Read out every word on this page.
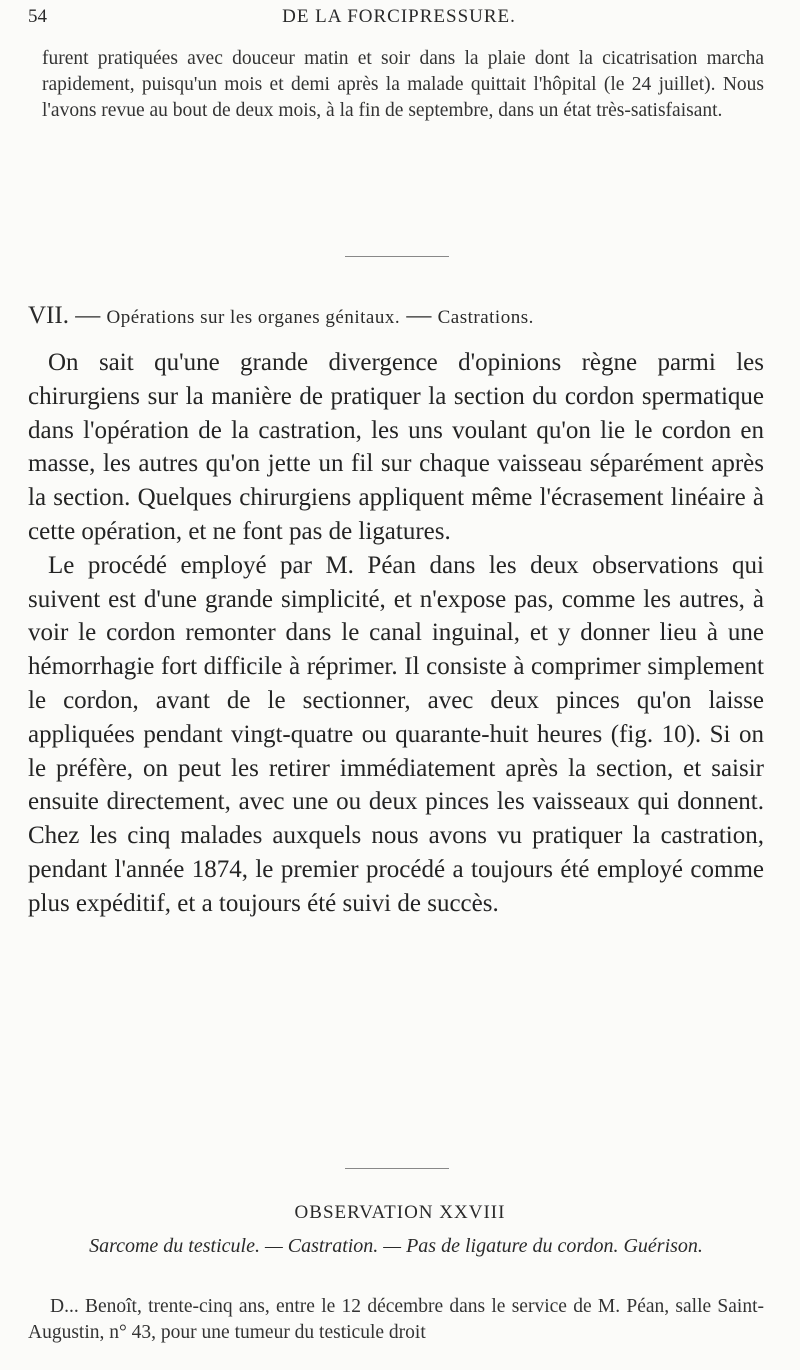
54	DE LA FORCIPRESSURE.
furent pratiquées avec douceur matin et soir dans la plaie dont la cicatrisation marcha rapidement, puisqu'un mois et demi après la malade quittait l'hôpital (le 24 juillet). Nous l'avons revue au bout de deux mois, à la fin de septembre, dans un état très-satisfaisant.
VII. — Opérations sur les organes génitaux. — Castrations.

On sait qu'une grande divergence d'opinions règne parmi les chirurgiens sur la manière de pratiquer la section du cordon spermatique dans l'opération de la castration, les uns voulant qu'on lie le cordon en masse, les autres qu'on jette un fil sur chaque vaisseau séparément après la section. Quelques chirurgiens appliquent même l'écrasement linéaire à cette opération, et ne font pas de ligatures.

Le procédé employé par M. Péan dans les deux observations qui suivent est d'une grande simplicité, et n'expose pas, comme les autres, à voir le cordon remonter dans le canal inguinal, et y donner lieu à une hémorrhagie fort difficile à réprimer. Il consiste à comprimer simplement le cordon, avant de le sectionner, avec deux pinces qu'on laisse appliquées pendant vingt-quatre ou quarante-huit heures (fig. 10). Si on le préfère, on peut les retirer immédiatement après la section, et saisir ensuite directement, avec une ou deux pinces les vaisseaux qui donnent. Chez les cinq malades auxquels nous avons vu pratiquer la castration, pendant l'année 1874, le premier procédé a toujours été employé comme plus expéditif, et a toujours été suivi de succès.

OBSERVATION XXVIII
Sarcome du testicule. — Castration. — Pas de ligature du cordon. Guérison.
D... Benoît, trente-cinq ans, entre le 12 décembre dans le service de M. Péan, salle Saint-Augustin, n° 43, pour une tumeur du testicule droit
